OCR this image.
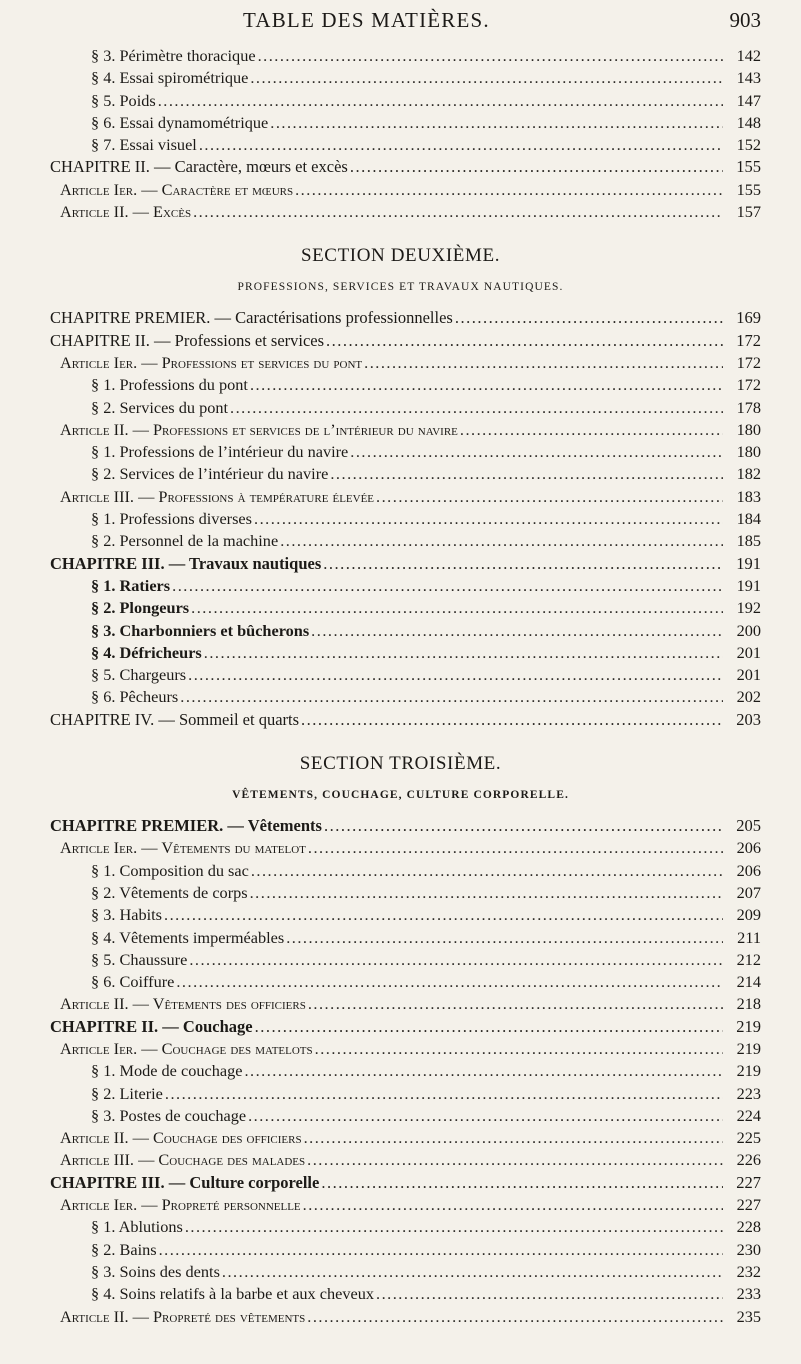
TABLE DES MATIÈRES.	903
§ 3. Périmètre thoracique .....	142
§ 4. Essai spirométrique .....	143
§ 5. Poids .....	147
§ 6. Essai dynamométrique .....	148
§ 7. Essai visuel .....	152
CHAPITRE II. — Caractère, mœurs et excès .....	155
Article Ier. — Caractère et mœurs .....	155
Article II. — Excès .....	157
SECTION DEUXIÈME.
PROFESSIONS, SERVICES ET TRAVAUX NAUTIQUES.
CHAPITRE PREMIER. — Caractérisations professionnelles .....	169
CHAPITRE II. — Professions et services .....	172
Article Ier. — Professions et services du pont .....	172
§ 1. Professions du pont .....	172
§ 2. Services du pont .....	178
Article II. — Professions et services de l’intérieur du navire .....	180
§ 1. Professions de l’intérieur du navire .....	180
§ 2. Services de l’intérieur du navire .....	182
Article III. — Professions à température élevée .....	183
§ 1. Professions diverses .....	184
§ 2. Personnel de la machine .....	185
CHAPITRE III. — Travaux nautiques .....	191
§ 1. Ratiers .....	191
§ 2. Plongeurs .....	192
§ 3. Charbonniers et bûcherons .....	200
§ 4. Défricheurs .....	201
§ 5. Chargeurs .....	201
§ 6. Pêcheurs .....	202
CHAPITRE IV. — Sommeil et quarts .....	203
SECTION TROISIÈME.
VÊTEMENTS, COUCHAGE, CULTURE CORPORELLE.
CHAPITRE PREMIER. — Vêtements .....	205
Article Ier. — Vêtements du matelot .....	206
§ 1. Composition du sac .....	206
§ 2. Vêtements de corps .....	207
§ 3. Habits .....	209
§ 4. Vêtements imperméables .....	211
§ 5. Chaussure .....	212
§ 6. Coiffure .....	214
Article II. — Vêtements des officiers .....	218
CHAPITRE II. — Couchage .....	219
Article Ier. — Couchage des matelots .....	219
§ 1. Mode de couchage .....	219
§ 2. Literie .....	223
§ 3. Postes de couchage .....	224
Article II. — Couchage des officiers .....	225
Article III. — Couchage des malades .....	226
CHAPITRE III. — Culture corporelle .....	227
Article Ier. — Propreté personnelle .....	227
§ 1. Ablutions .....	228
§ 2. Bains .....	230
§ 3. Soins des dents .....	232
§ 4. Soins relatifs à la barbe et aux cheveux .....	233
Article II. — Propreté des vêtements .....	235
